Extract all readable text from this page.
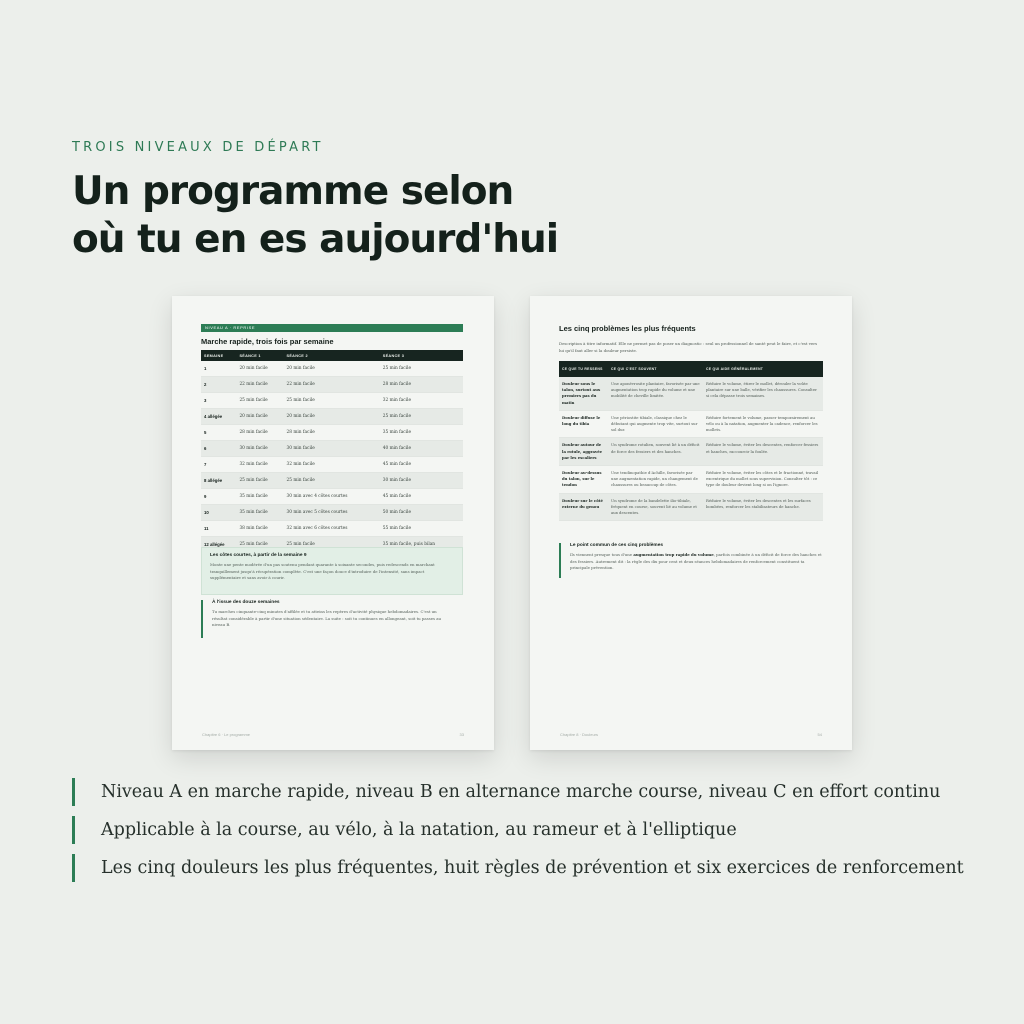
TROIS NIVEAUX DE DÉPART
Un programme selon
où tu en es aujourd'hui
NIVEAU A · REPRISE
Marche rapide, trois fois par semaine
SEMAINE	SÉANCE 1	SÉANCE 2	SÉANCE 3
1	20 min facile	20 min facile	25 min facile
2	22 min facile	22 min facile	28 min facile
3	25 min facile	25 min facile	32 min facile
4 allégée	20 min facile	20 min facile	25 min facile
5	28 min facile	28 min facile	35 min facile
6	30 min facile	30 min facile	40 min facile
7	32 min facile	32 min facile	45 min facile
8 allégée	25 min facile	25 min facile	30 min facile
9	35 min facile	30 min avec 4 côtes courtes	45 min facile
10	35 min facile	30 min avec 5 côtes courtes	50 min facile
11	38 min facile	32 min avec 6 côtes courtes	55 min facile
12 allégée	25 min facile	25 min facile	35 min facile, puis bilan
Les côtes courtes, à partir de la semaine 9
Monte une pente modérée d'un pas soutenu pendant quarante à soixante secondes, puis redescends en marchant tranquillement jusqu'à récupération complète. C'est une façon douce d'introduire de l'intensité, sans impact supplémentaire et sans avoir à courir.
À l'issue des douze semaines
Tu marches cinquante-cinq minutes d'affilée et tu atteins les repères d'activité physique hebdomadaires. C'est un résultat considérable à partir d'une situation sédentaire. La suite : soit tu continues en allongeant, soit tu passes au niveau B.
Chapitre 6 · Le programme	33
Les cinq problèmes les plus fréquents
Description à titre informatif. Elle ne permet pas de poser un diagnostic : seul un professionnel de santé peut le faire, et c'est vers lui qu'il faut aller si la douleur persiste.
CE QUE TU RESSENS	CE QUI C'EST SOUVENT	CE QUI AIDE GÉNÉRALEMENT
Douleur sous le talon, surtout aux premiers pas du matin	Une aponévrosite plantaire, favorisée par une augmentation trop rapide du volume et une mobilité de cheville limitée.	Réduire le volume, étirer le mollet, dérouler la voûte plantaire sur une balle, vérifier les chaussures. Consulter si cela dépasse trois semaines.
Douleur diffuse le long du tibia	Une périostite tibiale, classique chez le débutant qui augmente trop vite, surtout sur sol dur.	Réduire fortement le volume, passer temporairement au vélo ou à la natation, augmenter la cadence, renforcer les mollets.
Douleur autour de la rotule, aggravée par les escaliers	Un syndrome rotulien, souvent lié à un déficit de force des fessiers et des hanches.	Réduire le volume, éviter les descentes, renforcer fessiers et hanches, raccourcir la foulée.
Douleur au-dessus du talon, sur le tendon	Une tendinopathie d'Achille, favorisée par une augmentation rapide, un changement de chaussures ou beaucoup de côtes.	Réduire le volume, éviter les côtes et le fractionné, travail excentrique du mollet sous supervision. Consulter tôt : ce type de douleur devient long si on l'ignore.
Douleur sur le côté externe du genou	Un syndrome de la bandelette ilio-tibiale, fréquent en course, souvent lié au volume et aux descentes.	Réduire le volume, éviter les descentes et les surfaces bombées, renforcer les stabilisateurs de hanche.
Le point commun de ces cinq problèmes
Ils viennent presque tous d'une augmentation trop rapide du volume, parfois combinée à un déficit de force des hanches et des fessiers. Autrement dit : la règle des dix pour cent et deux séances hebdomadaires de renforcement constituent ta principale prévention.
Chapitre 8 · Douleurs	54
Niveau A en marche rapide, niveau B en alternance marche course, niveau C en effort continu
Applicable à la course, au vélo, à la natation, au rameur et à l'elliptique
Les cinq douleurs les plus fréquentes, huit règles de prévention et six exercices de renforcement
